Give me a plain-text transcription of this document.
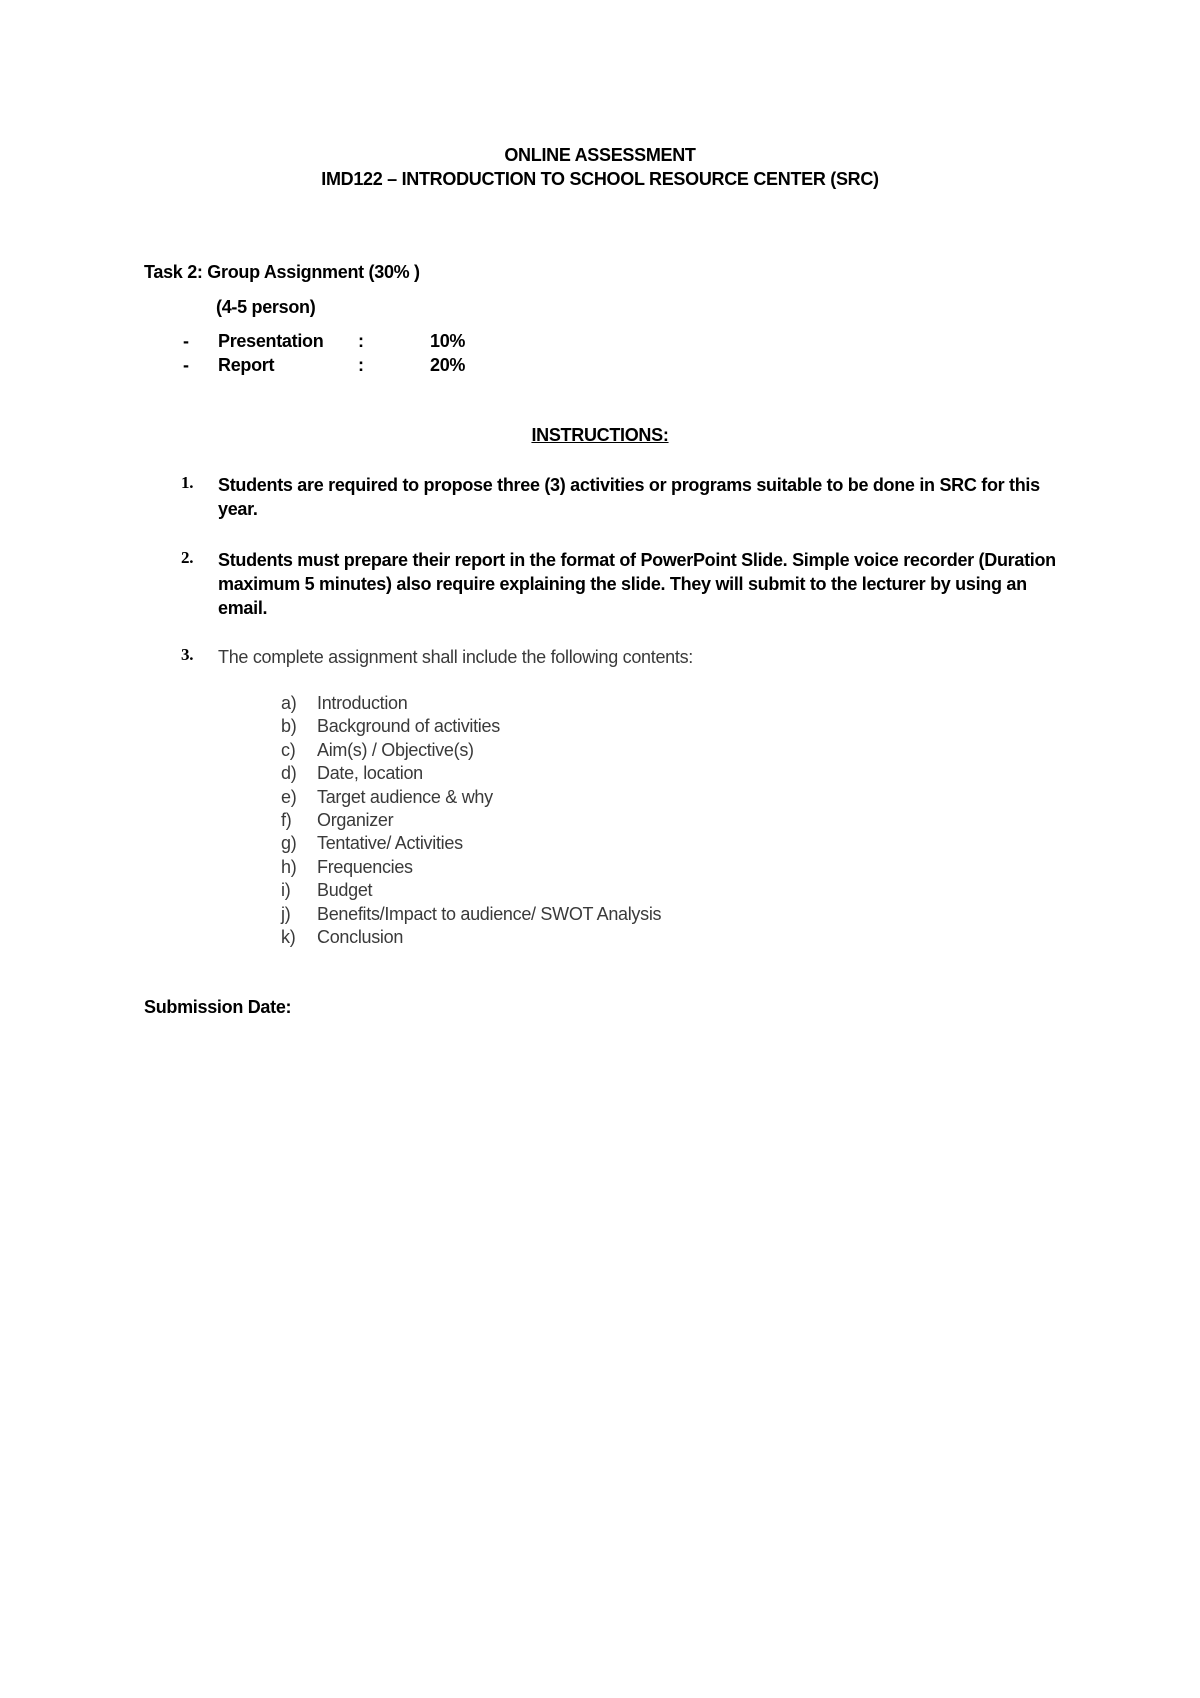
ONLINE ASSESSMENT
IMD122 – INTRODUCTION TO SCHOOL RESOURCE CENTER (SRC)
Task 2: Group Assignment (30% )
(4-5 person)
- Presentation :	10%
- Report	:	20%
INSTRUCTIONS:
1. Students are required to propose three (3) activities or programs suitable to be done in SRC for this year.
2. Students must prepare their report in the format of PowerPoint Slide. Simple voice recorder (Duration maximum 5 minutes) also require explaining the slide. They will submit to the lecturer by using an email.
3. The complete assignment shall include the following contents:
a) Introduction
b) Background of activities
c) Aim(s) / Objective(s)
d) Date, location
e) Target audience & why
f) Organizer
g) Tentative/ Activities
h) Frequencies
i) Budget
j) Benefits/Impact to audience/ SWOT Analysis
k) Conclusion
Submission Date:
